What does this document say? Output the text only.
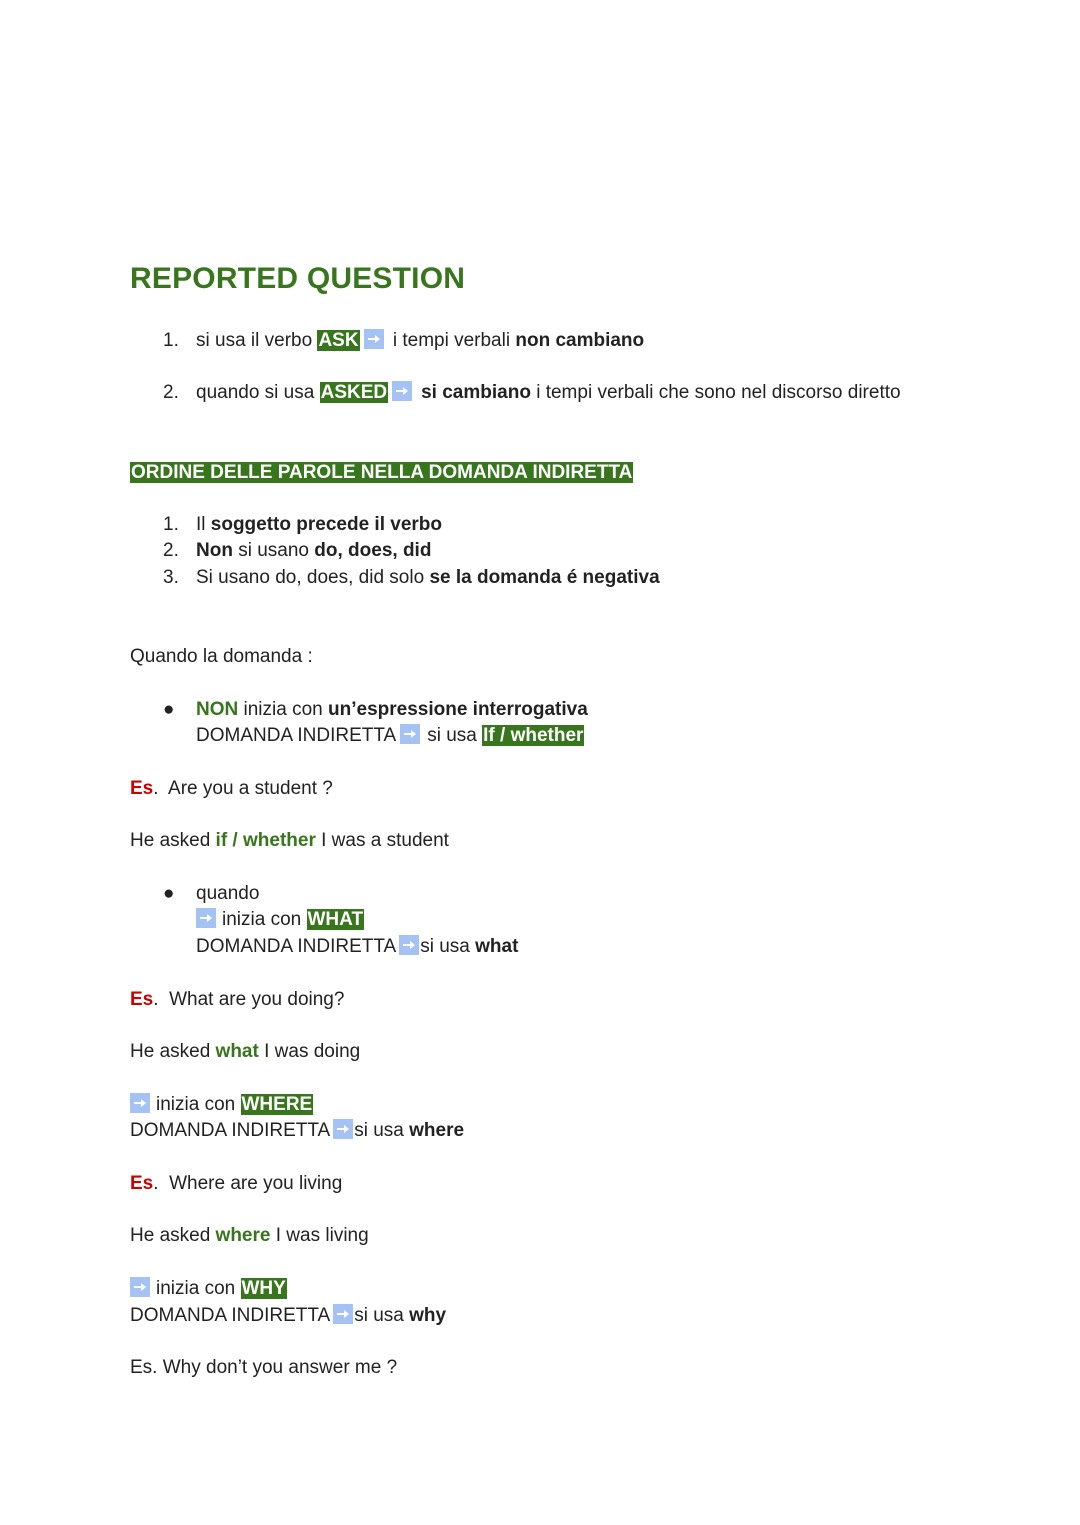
REPORTED QUESTION
1. si usa il verbo ASK i tempi verbali non cambiano
2. quando si usa ASKED si cambiano i tempi verbali che sono nel discorso diretto
ORDINE DELLE PAROLE NELLA DOMANDA INDIRETTA
1. Il soggetto precede il verbo
2. Non si usano do, does, did
3. Si usano do, does, did solo se la domanda é negativa
Quando la domanda :
● NON inizia con un’espressione interrogativa
DOMANDA INDIRETTA si usa If / whether
Es. Are you a student ?
He asked if / whether I was a student
● quando
inizia con WHAT
DOMANDA INDIRETTA si usa what
Es. What are you doing?
He asked what I was doing
inizia con WHERE
DOMANDA INDIRETTA si usa where
Es. Where are you living
He asked where I was living
inizia con WHY
DOMANDA INDIRETTA si usa why
Es. Why don’t you answer me ?
